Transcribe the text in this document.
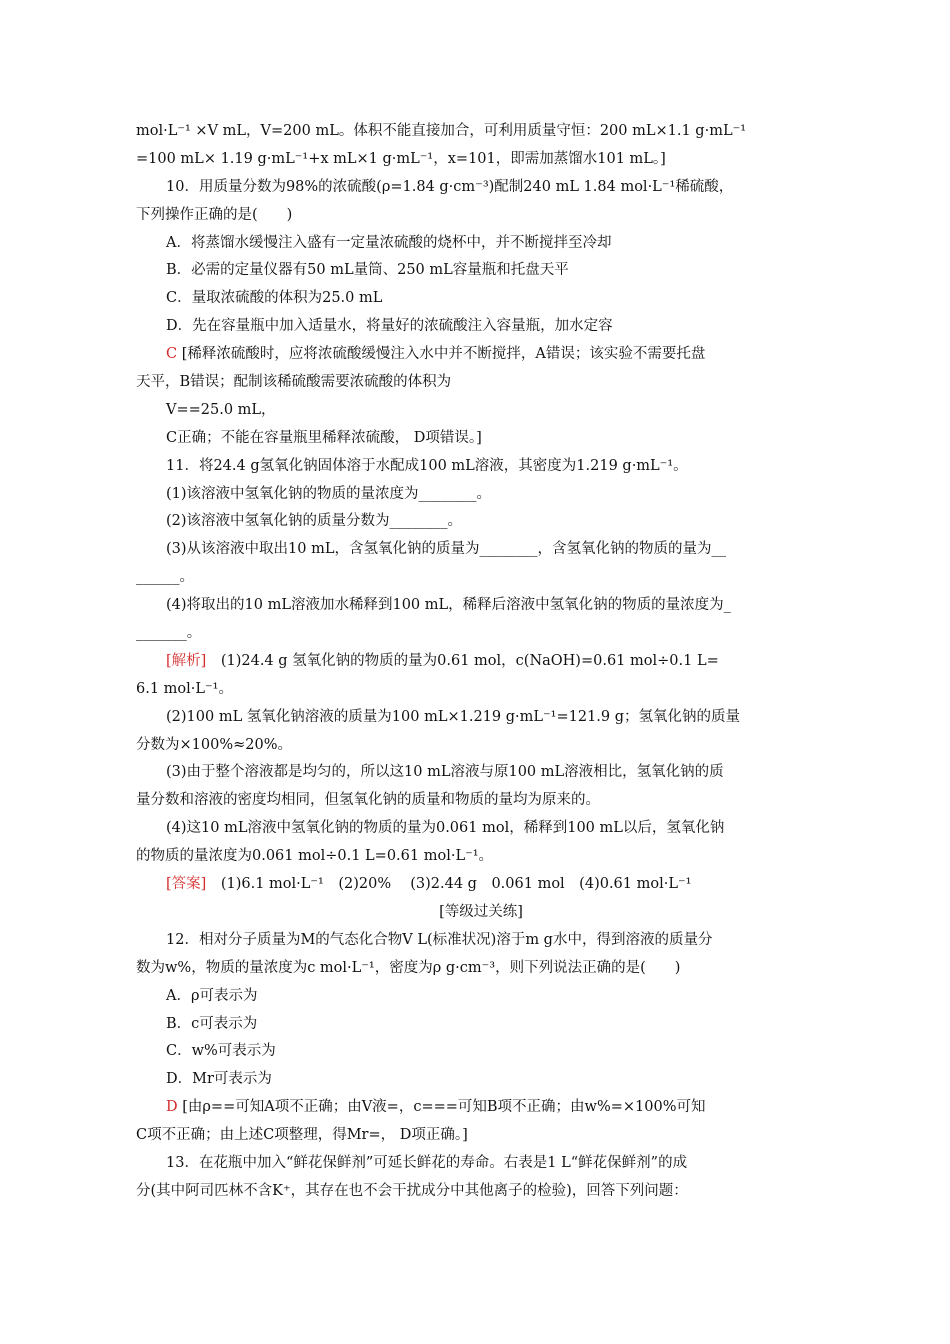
mol·L⁻¹ ×V mL，V=200 mL。体积不能直接加合，可利用质量守恒：200 mL×1.1 g·mL⁻¹
=100 mL× 1.19 g·mL⁻¹+x mL×1 g·mL⁻¹，x=101，即需加蒸馏水101 mL。]
10．用质量分数为98%的浓硫酸(ρ=1.84 g·cm⁻³)配制240 mL 1.84 mol·L⁻¹稀硫酸，
下列操作正确的是(　　)
A．将蒸馏水缓慢注入盛有一定量浓硫酸的烧杯中，并不断搅拌至冷却
B．必需的定量仪器有50 mL量筒、250 mL容量瓶和托盘天平
C．量取浓硫酸的体积为25.0 mL
D．先在容量瓶中加入适量水，将量好的浓硫酸注入容量瓶，加水定容
C [稀释浓硫酸时，应将浓硫酸缓慢注入水中并不断搅拌，A错误；该实验不需要托盘
天平，B错误；配制该稀硫酸需要浓硫酸的体积为
V==25.0 mL，
C正确；不能在容量瓶里稀释浓硫酸， D项错误。]
11．将24.4 g氢氧化钠固体溶于水配成100 mL溶液，其密度为1.219 g·mL⁻¹。
(1)该溶液中氢氧化钠的物质的量浓度为________。
(2)该溶液中氢氧化钠的质量分数为________。
(3)从该溶液中取出10 mL，含氢氧化钠的质量为________，含氢氧化钠的物质的量为__
______。
(4)将取出的10 mL溶液加水稀释到100 mL，稀释后溶液中氢氧化钠的物质的量浓度为_
_______。
[解析]　(1)24.4 g 氢氧化钠的物质的量为0.61 mol，c(NaOH)=0.61 mol÷0.1 L=
6.1 mol·L⁻¹。
(2)100 mL 氢氧化钠溶液的质量为100 mL×1.219 g·mL⁻¹=121.9 g；氢氧化钠的质量
分数为×100%≈20%。
(3)由于整个溶液都是均匀的，所以这10 mL溶液与原100 mL溶液相比，氢氧化钠的质
量分数和溶液的密度均相同，但氢氧化钠的质量和物质的量均为原来的。
(4)这10 mL溶液中氢氧化钠的物质的量为0.061 mol，稀释到100 mL以后，氢氧化钠
的物质的量浓度为0.061 mol÷0.1 L=0.61 mol·L⁻¹。
[答案]　(1)6.1 mol·L⁻¹　(2)20%　 (3)2.44 g　0.061 mol　(4)0.61 mol·L⁻¹
[等级过关练]
12．相对分子质量为M的气态化合物V L(标准状况)溶于m g水中，得到溶液的质量分
数为w%，物质的量浓度为c mol·L⁻¹，密度为ρ g·cm⁻³，则下列说法正确的是(　　)
A．ρ可表示为
B．c可表示为
C．w%可表示为
D．Mr可表示为
D [由ρ==可知A项不正确；由V液=，c===可知B项不正确；由w%=×100%可知
C项不正确；由上述C项整理，得Mr=， D项正确。]
13．在花瓶中加入“鲜花保鲜剂”可延长鲜花的寿命。右表是1 L“鲜花保鲜剂”的成
分(其中阿司匹林不含K⁺，其存在也不会干扰成分中其他离子的检验)，回答下列问题：
